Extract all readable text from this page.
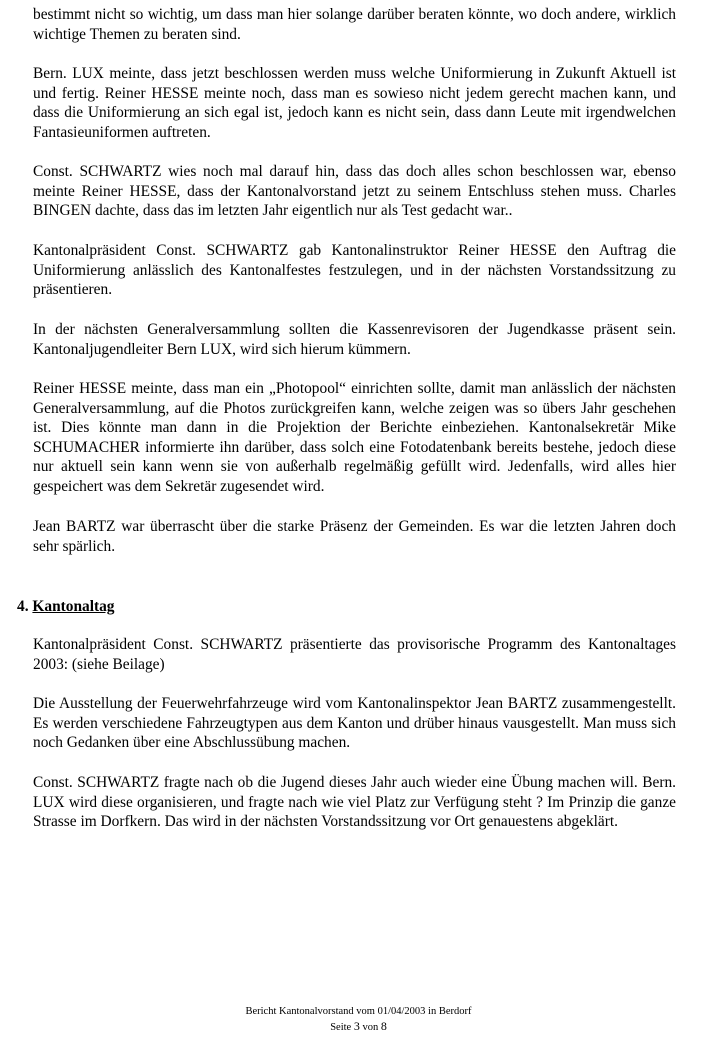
bestimmt nicht so wichtig, um dass man hier solange darüber beraten könnte, wo doch andere, wirklich wichtige Themen zu beraten sind.

Bern. LUX meinte, dass jetzt beschlossen werden muss welche Uniformierung in Zukunft Aktuell ist und fertig. Reiner HESSE meinte noch, dass man es sowieso nicht jedem gerecht machen kann, und dass die Uniformierung an sich egal ist, jedoch kann es nicht sein, dass dann Leute mit irgendwelchen Fantasieuniformen auftreten.

Const. SCHWARTZ wies noch mal darauf hin, dass das doch alles schon beschlossen war, ebenso meinte Reiner HESSE, dass der Kantonalvorstand jetzt zu seinem Entschluss stehen muss. Charles BINGEN dachte, dass das im letzten Jahr eigentlich nur als Test gedacht war..

Kantonalpräsident Const. SCHWARTZ gab Kantonalinstruktor Reiner HESSE den Auftrag die Uniformierung anlässlich des Kantonalfestes festzulegen, und in der nächsten Vorstandssitzung zu präsentieren.

In der nächsten Generalversammlung sollten die Kassenrevisoren der Jugendkasse präsent sein. Kantonaljugendleiter Bern LUX, wird sich hierum kümmern.

Reiner HESSE meinte, dass man ein „Photopool“ einrichten sollte, damit man anlässlich der nächsten Generalversammlung, auf die Photos zurückgreifen kann, welche zeigen was so übers Jahr geschehen ist. Dies könnte man dann in die Projektion der Berichte einbeziehen. Kantonalsekretär Mike SCHUMACHER informierte ihn darüber, dass solch eine Fotodatenbank bereits bestehe, jedoch diese nur aktuell sein kann wenn sie von außerhalb regelmäßig gefüllt wird. Jedenfalls, wird alles hier gespeichert was dem Sekretär zugesendet wird.

Jean BARTZ war überrascht über die starke Präsenz der Gemeinden. Es war die letzten Jahren doch sehr spärlich.

4. Kantonaltag

Kantonalpräsident Const. SCHWARTZ präsentierte das provisorische Programm des Kantonaltages 2003: (siehe Beilage)

Die Ausstellung der Feuerwehrfahrzeuge wird vom Kantonalinspektor Jean BARTZ zusammengestellt. Es werden verschiedene Fahrzeugtypen aus dem Kanton und drüber hinaus vausgestellt. Man muss sich noch Gedanken über eine Abschlussübung machen.

Const. SCHWARTZ fragte nach ob die Jugend dieses Jahr auch wieder eine Übung machen will. Bern. LUX wird diese organisieren, und fragte nach wie viel Platz zur Verfügung steht ? Im Prinzip die ganze Strasse im Dorfkern. Das wird in der nächsten Vorstandssitzung vor Ort genauestens abgeklärt.

Bericht Kantonalvorstand vom 01/04/2003 in Berdorf
Seite 3 von 8
